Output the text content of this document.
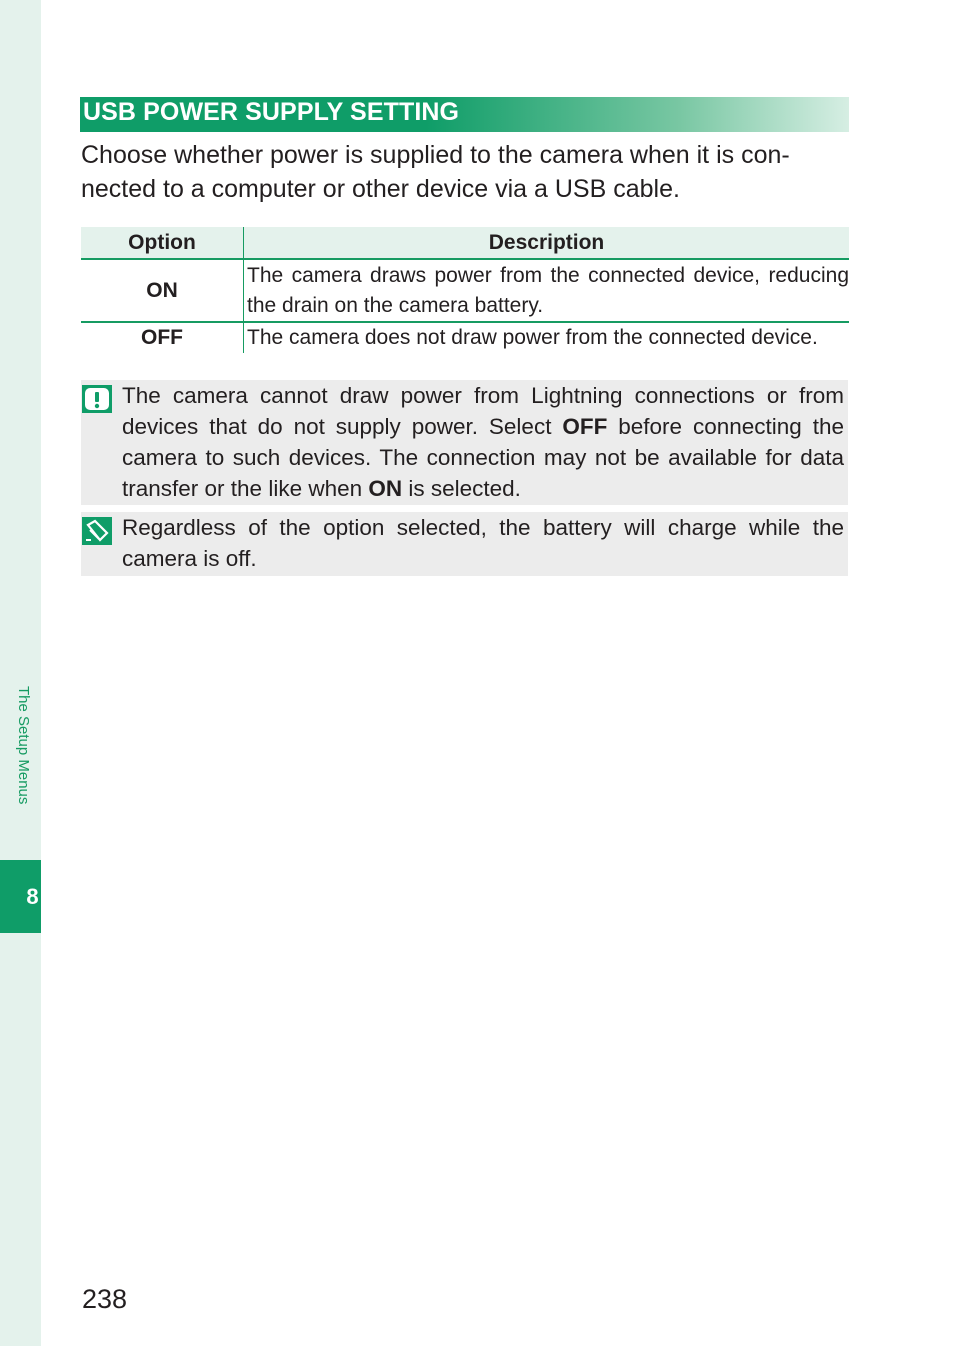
The Setup Menus
8
USB POWER SUPPLY SETTING

Choose whether power is supplied to the camera when it is con-
nected to a computer or other device via a USB cable.

Option	Description
ON	The camera draws power from the connected device, reducing the drain on the camera battery.
OFF	The camera does not draw power from the connected device.

The camera cannot draw power from Lightning connections or from devices that do not supply power. Select OFF before connecting the camera to such devices. The connection may not be available for data transfer or the like when ON is selected.

Regardless of the option selected, the battery will charge while the camera is off.

238
